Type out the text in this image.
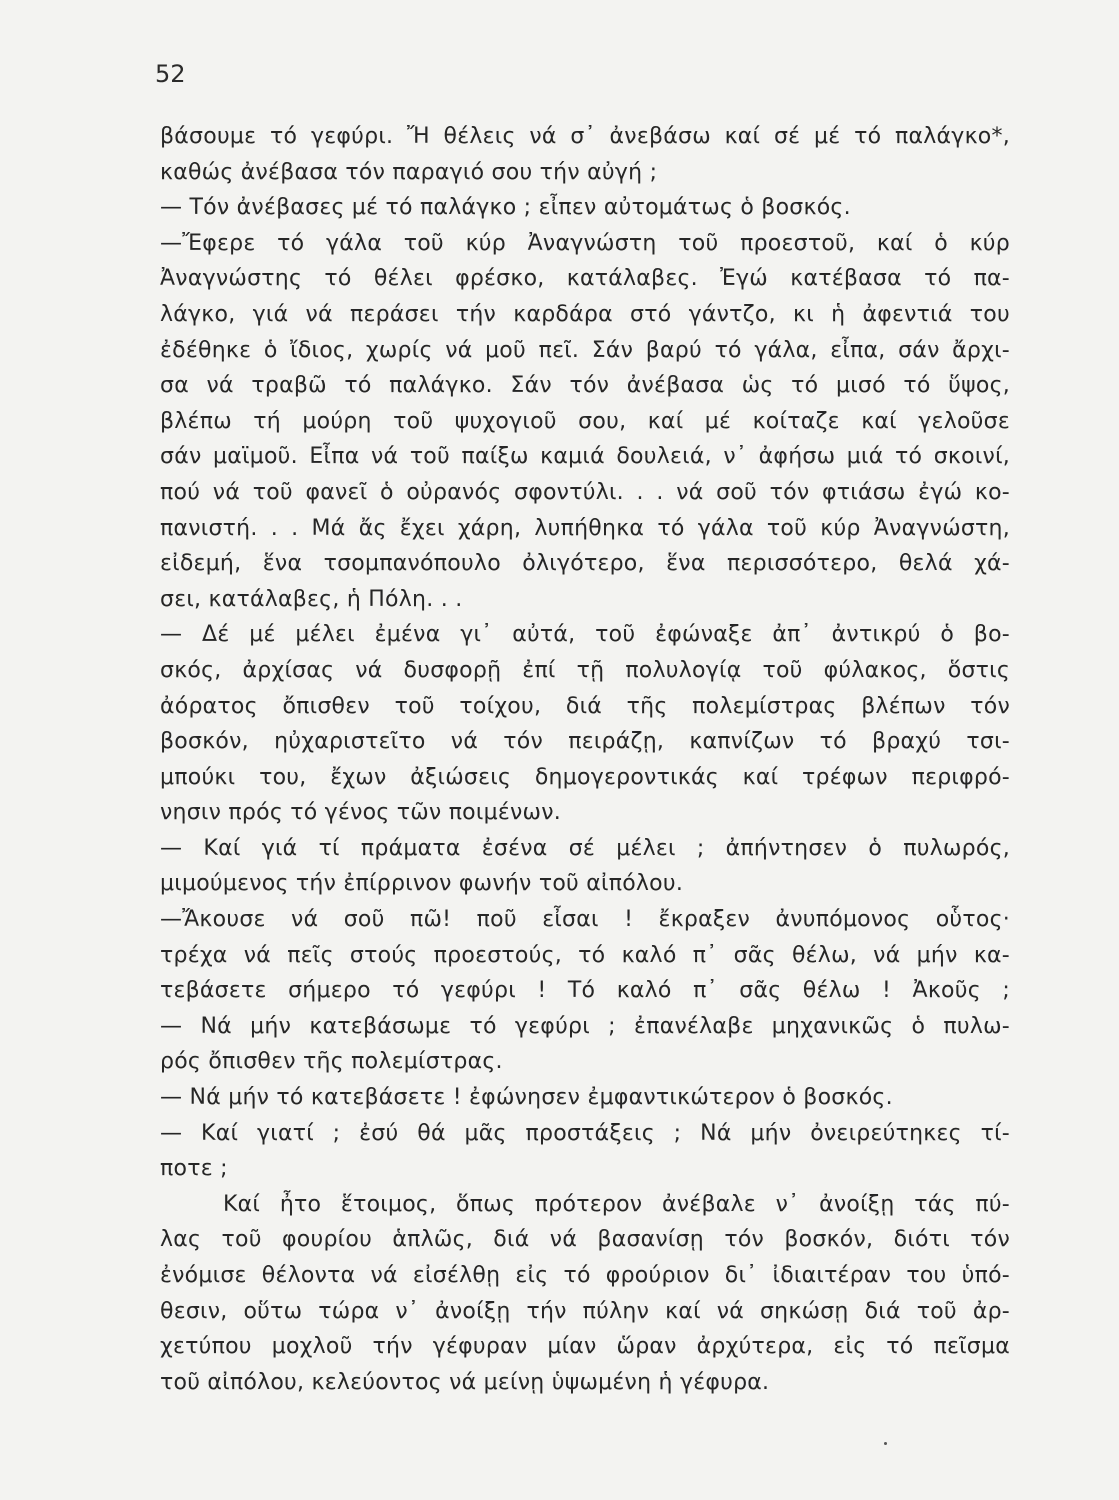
52
βάσουμε τό γεφύρι. Ἤ θέλεις νά σ᾿ ἀνεβάσω καί σέ μέ τό παλάγκο*,
καθώς ἀνέβασα τόν παραγιό σου τήν αὐγή ;
— Τόν ἀνέβασες μέ τό παλάγκο ; εἶπεν αὐτομάτως ὁ βοσκός.
—Ἔφερε τό γάλα τοῦ κύρ Ἀναγνώστη τοῦ προεστοῦ, καί ὁ κύρ
Ἀναγνώστης τό θέλει φρέσκο, κατάλαβες. Ἐγώ κατέβασα τό πα-
λάγκο, γιά νά περάσει τήν καρδάρα στό γάντζο, κι ἡ ἀφεντιά του
ἐδέθηκε ὁ ἴδιος, χωρίς νά μοῦ πεῖ. Σάν βαρύ τό γάλα, εἶπα, σάν ἄρχι-
σα νά τραβῶ τό παλάγκο. Σάν τόν ἀνέβασα ὡς τό μισό τό ὕψος,
βλέπω τή μούρη τοῦ ψυχογιοῦ σου, καί μέ κοίταζε καί γελοῦσε
σάν μαϊμοῦ. Εἶπα νά τοῦ παίξω καμιά δουλειά, ν᾿ ἀφήσω μιά τό σκοινί,
πού νά τοῦ φανεῖ ὁ οὐρανός σφοντύλι. . . νά σοῦ τόν φτιάσω ἐγώ κο-
πανιστή. . . Μά ἄς ἔχει χάρη, λυπήθηκα τό γάλα τοῦ κύρ Ἀναγνώστη,
εἰδεμή, ἕνα τσομπανόπουλο ὀλιγότερο, ἕνα περισσότερο, θελά χά-
σει, κατάλαβες, ἡ Πόλη. . .
— Δέ μέ μέλει ἐμένα γι᾿ αὐτά, τοῦ ἐφώναξε ἀπ᾿ ἀντικρύ ὁ βο-
σκός, ἀρχίσας νά δυσφορῇ ἐπί τῇ πολυλογίᾳ τοῦ φύλακος, ὅστις
ἀόρατος ὄπισθεν τοῦ τοίχου, διά τῆς πολεμίστρας βλέπων τόν
βοσκόν, ηὐχαριστεῖτο νά τόν πειράζῃ, καπνίζων τό βραχύ τσι-
μπούκι του, ἔχων ἀξιώσεις δημογεροντικάς καί τρέφων περιφρό-
νησιν πρός τό γένος τῶν ποιμένων.
— Καί γιά τί πράματα ἐσένα σέ μέλει ; ἀπήντησεν ὁ πυλωρός,
μιμούμενος τήν ἐπίρρινον φωνήν τοῦ αἰπόλου.
—Ἄκουσε νά σοῦ πῶ! ποῦ εἶσαι ! ἔκραξεν ἀνυπόμονος οὗτος·
τρέχα νά πεῖς στούς προεστούς, τό καλό π᾿ σᾶς θέλω, νά μήν κα-
τεβάσετε σήμερο τό γεφύρι ! Τό καλό π᾿ σᾶς θέλω ! Ἀκοῦς ;
— Νά μήν κατεβάσωμε τό γεφύρι ; ἐπανέλαβε μηχανικῶς ὁ πυλω-
ρός ὄπισθεν τῆς πολεμίστρας.
— Νά μήν τό κατεβάσετε ! ἐφώνησεν ἐμφαντικώτερον ὁ βοσκός.
— Καί γιατί ; ἐσύ θά μᾶς προστάξεις ; Νά μήν ὀνειρεύτηκες τί-
ποτε ;
Καί ἦτο ἕτοιμος, ὅπως πρότερον ἀνέβαλε ν᾿ ἀνοίξῃ τάς πύ-
λας τοῦ φουρίου ἁπλῶς, διά νά βασανίσῃ τόν βοσκόν, διότι τόν
ἐνόμισε θέλοντα νά εἰσέλθῃ εἰς τό φρούριον δι᾿ ἰδιαιτέραν του ὑπό-
θεσιν, οὕτω τώρα ν᾿ ἀνοίξῃ τήν πύλην καί νά σηκώσῃ διά τοῦ ἀρ-
χετύπου μοχλοῦ τήν γέφυραν μίαν ὥραν ἀρχύτερα, εἰς τό πεῖσμα
τοῦ αἰπόλου, κελεύοντος νά μείνῃ ὑψωμένη ἡ γέφυρα.
